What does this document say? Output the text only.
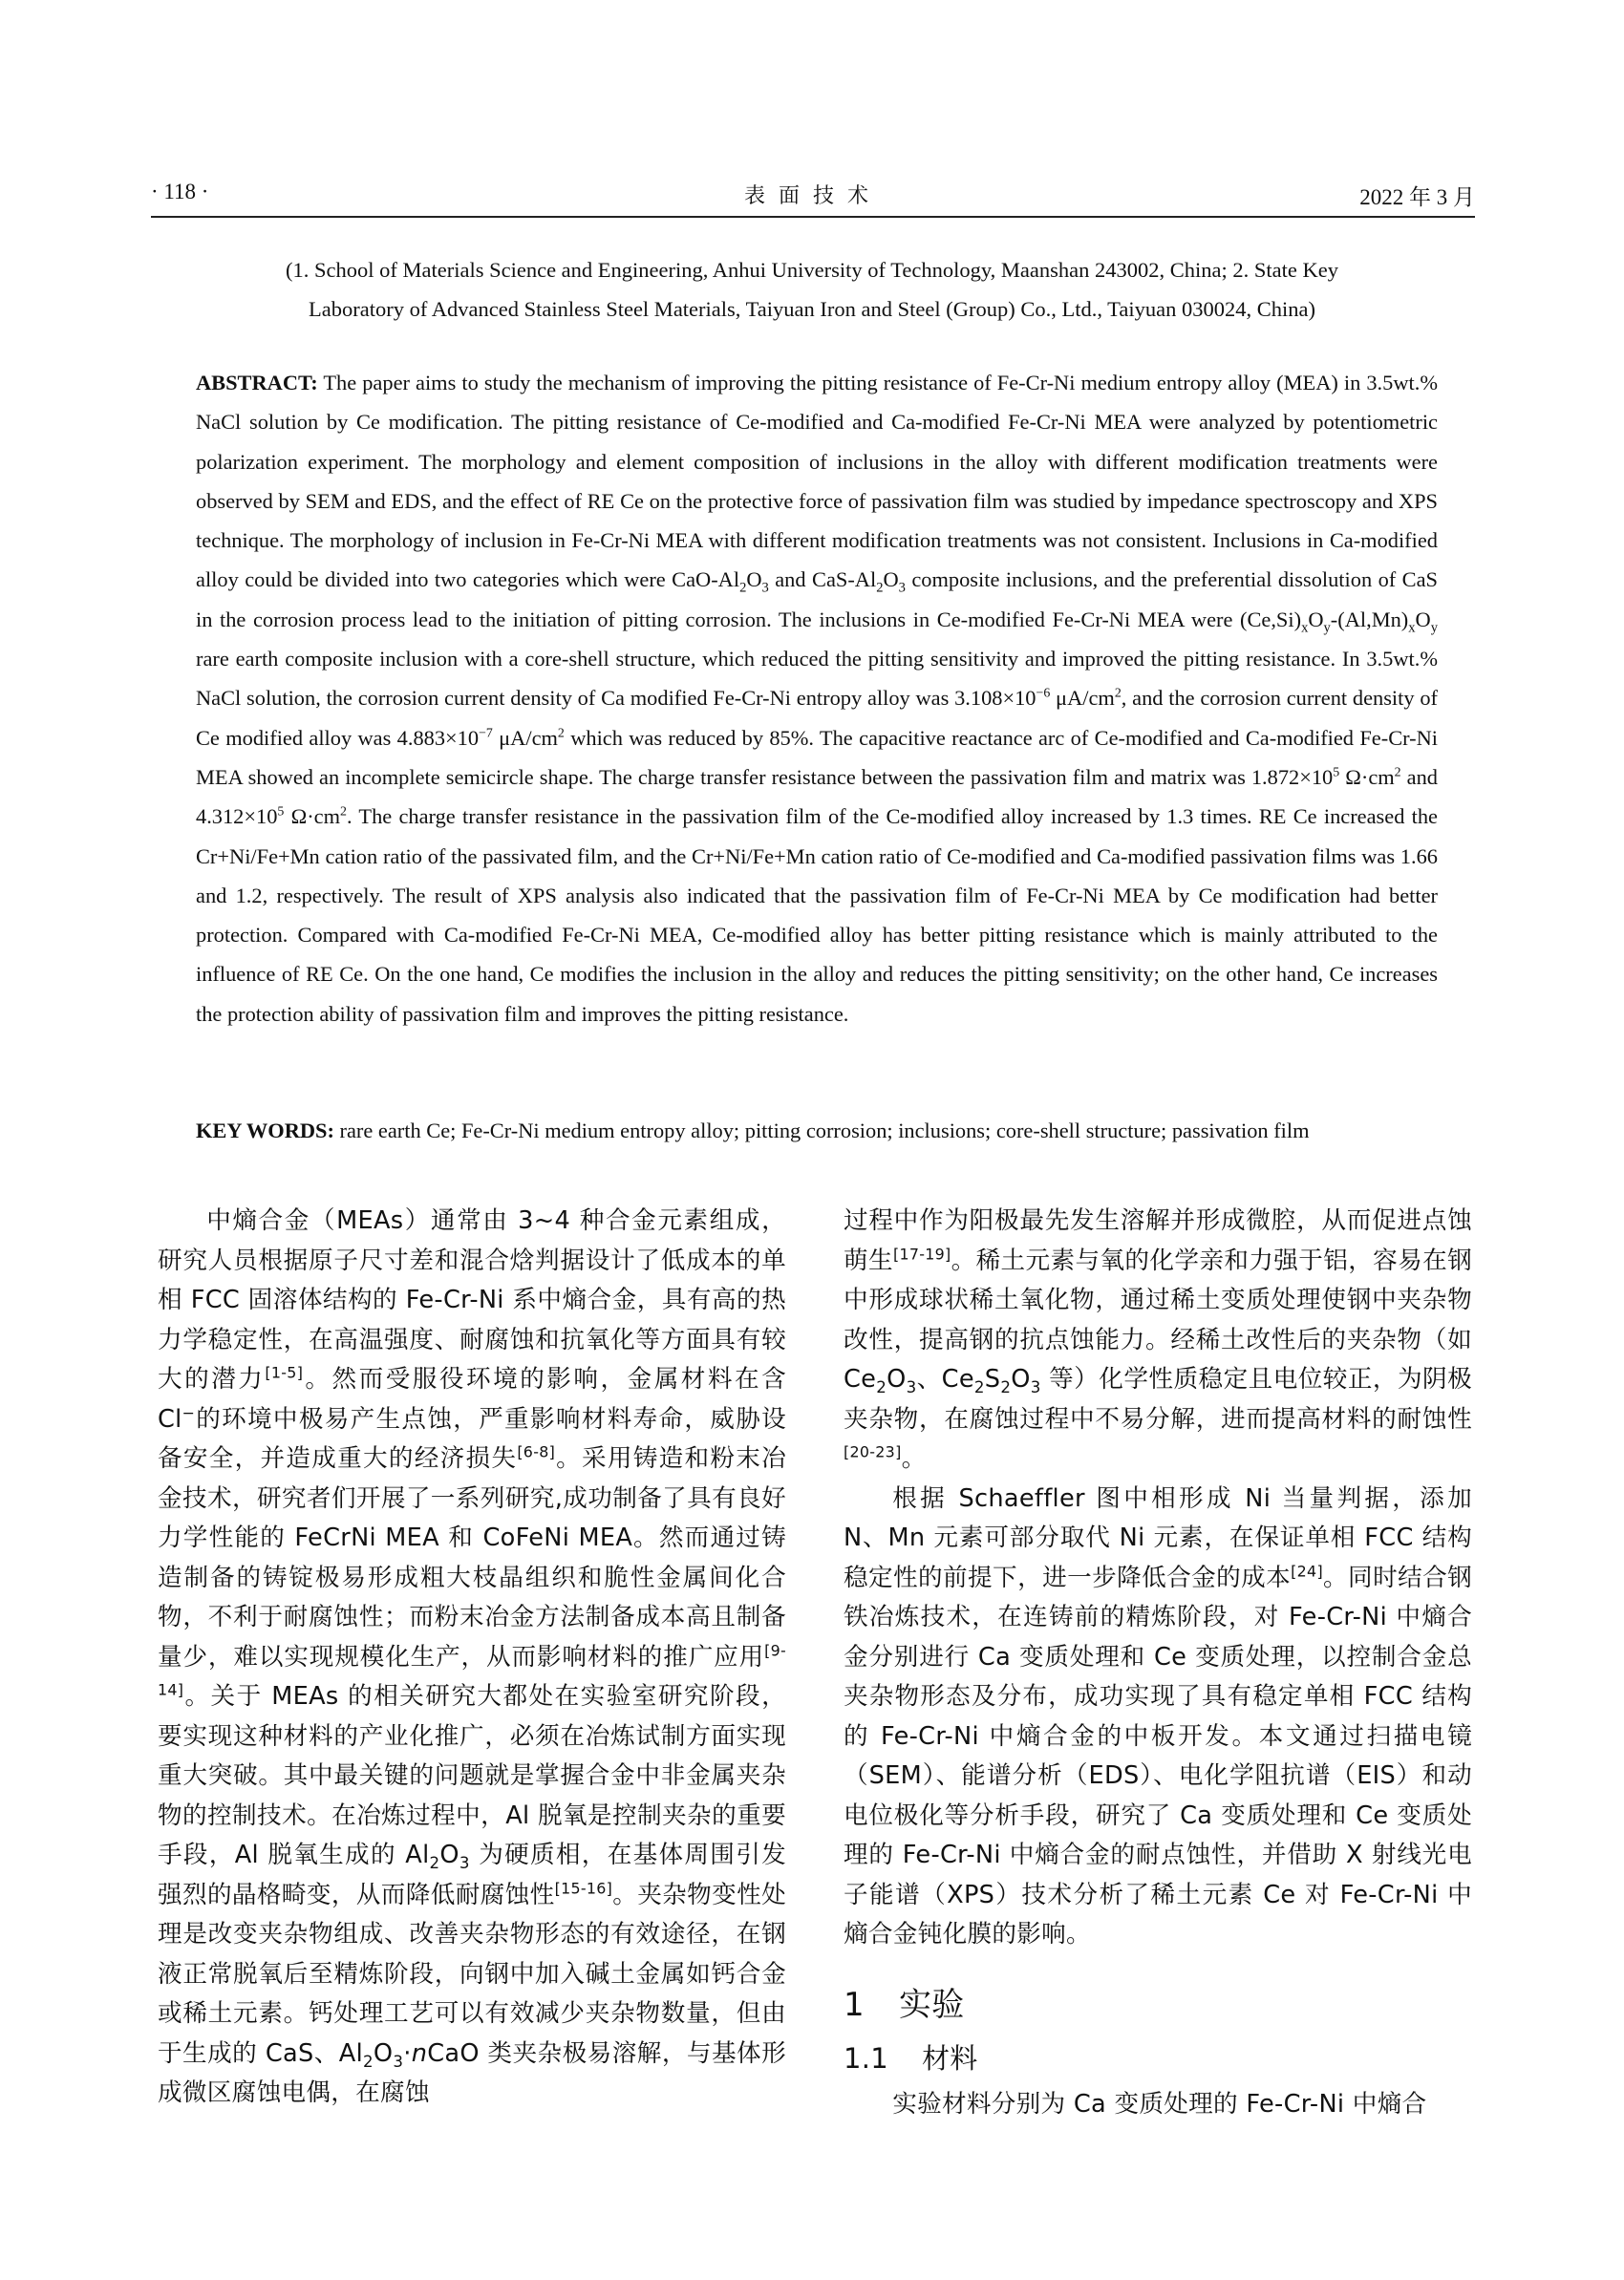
· 118 ·	表面技术	2022 年 3 月
(1. School of Materials Science and Engineering, Anhui University of Technology, Maanshan 243002, China; 2. State Key
Laboratory of Advanced Stainless Steel Materials, Taiyuan Iron and Steel (Group) Co., Ltd., Taiyuan 030024, China)
ABSTRACT: The paper aims to study the mechanism of improving the pitting resistance of Fe-Cr-Ni medium entropy alloy (MEA) in 3.5wt.% NaCl solution by Ce modification. The pitting resistance of Ce-modified and Ca-modified Fe-Cr-Ni MEA were analyzed by potentiometric polarization experiment. The morphology and element composition of inclusions in the alloy with different modification treatments were observed by SEM and EDS, and the effect of RE Ce on the protective force of passivation film was studied by impedance spectroscopy and XPS technique. The morphology of inclusion in Fe-Cr-Ni MEA with different modification treatments was not consistent. Inclusions in Ca-modified alloy could be divided into two categories which were CaO-$Al_2O_3$ and CaS-$Al_2O_3$ composite inclusions, and the preferential dissolution of CaS in the corrosion process lead to the initiation of pitting corrosion. The inclusions in Ce-modified Fe-Cr-Ni MEA were $(Ce,Si)_xO_y-(Al,Mn)_xO_y$ rare earth composite inclusion with a core-shell structure, which reduced the pitting sensitivity and improved the pitting resistance. In 3.5wt.% NaCl solution, the corrosion current density of Ca modified Fe-Cr-Ni entropy alloy was $3.108\times 10^{-6}$ $\mu A/cm^2$, and the corrosion current density of Ce modified alloy was $4.883\times 10^{-7}$ $\mu A/cm^2$ which was reduced by 85%. The capacitive reactance arc of Ce-modified and Ca-modified Fe-Cr-Ni MEA showed an incomplete semicircle shape. The charge transfer resistance between the passivation film and matrix was $1.872\times 10^5$ $\Omega\cdot cm^2$ and $4.312\times 10^5$ $\Omega\cdot cm^2$. The charge transfer resistance in the passivation film of the Ce-modified alloy increased by 1.3 times. RE Ce increased the Cr+Ni/Fe+Mn cation ratio of the passivated film, and the Cr+Ni/Fe+Mn cation ratio of Ce-modified and Ca-modified passivation films was 1.66 and 1.2, respectively. The result of XPS analysis also indicated that the passivation film of Fe-Cr-Ni MEA by Ce modification had better protection. Compared with Ca-modified Fe-Cr-Ni MEA, Ce-modified alloy has better pitting resistance which is mainly attributed to the influence of RE Ce. On the one hand, Ce modifies the inclusion in the alloy and reduces the pitting sensitivity; on the other hand, Ce increases the protection ability of passivation film and improves the pitting resistance.
KEY WORDS: rare earth Ce; Fe-Cr-Ni medium entropy alloy; pitting corrosion; inclusions; core-shell structure; passivation film

中熵合金（MEAs）通常由 3~4 种合金元素组成，研究人员根据原子尺寸差和混合焓判据设计了低成本的单相 FCC 固溶体结构的 Fe-Cr-Ni 系中熵合金，具有高的热力学稳定性，在高温强度、耐腐蚀和抗氧化等方面具有较大的潜力[1-5]。然而受服役环境的影响，金属材料在含 Cl−的环境中极易产生点蚀，严重影响材料寿命，威胁设备安全，并造成重大的经济损失[6-8]。采用铸造和粉末冶金技术，研究者们开展了一系列研究,成功制备了具有良好力学性能的 FeCrNi MEA 和 CoFeNi MEA。然而通过铸造制备的铸锭极易形成粗大枝晶组织和脆性金属间化合物，不利于耐腐蚀性；而粉末冶金方法制备成本高且制备量少，难以实现规模化生产，从而影响材料的推广应用[9-14]。关于 MEAs 的相关研究大都处在实验室研究阶段，要实现这种材料的产业化推广，必须在冶炼试制方面实现重大突破。其中最关键的问题就是掌握合金中非金属夹杂物的控制技术。在冶炼过程中，Al 脱氧是控制夹杂的重要手段，Al 脱氧生成的 $Al_2O_3$ 为硬质相，在基体周围引发强烈的晶格畸变，从而降低耐腐蚀性[15-16]。夹杂物变性处理是改变夹杂物组成、改善夹杂物形态的有效途径，在钢液正常脱氧后至精炼阶段，向钢中加入碱土金属如钙合金或稀土元素。钙处理工艺可以有效减少夹杂物数量，但由于生成的 CaS、$Al_2O_3\cdot nCaO$ 类夹杂极易溶解，与基体形成微区腐蚀电偶，在腐蚀

过程中作为阳极最先发生溶解并形成微腔，从而促进点蚀萌生[17-19]。稀土元素与氧的化学亲和力强于铝，容易在钢中形成球状稀土氧化物，通过稀土变质处理使钢中夹杂物改性，提高钢的抗点蚀能力。经稀土改性后的夹杂物（如 $Ce_2O_3$、$Ce_2S_2O_3$ 等）化学性质稳定且电位较正，为阴极夹杂物，在腐蚀过程中不易分解，进而提高材料的耐蚀性[20-23]。

根据 Schaeffler 图中相形成 Ni 当量判据，添加 N、Mn 元素可部分取代 Ni 元素，在保证单相 FCC 结构稳定性的前提下，进一步降低合金的成本[24]。同时结合钢铁冶炼技术，在连铸前的精炼阶段，对 Fe-Cr-Ni 中熵合金分别进行 Ca 变质处理和 Ce 变质处理，以控制合金总夹杂物形态及分布，成功实现了具有稳定单相 FCC 结构的 Fe-Cr-Ni 中熵合金的中板开发。本文通过扫描电镜（SEM）、能谱分析（EDS）、电化学阻抗谱（EIS）和动电位极化等分析手段，研究了 Ca 变质处理和 Ce 变质处理的 Fe-Cr-Ni 中熵合金的耐点蚀性，并借助 X 射线光电子能谱（XPS）技术分析了稀土元素 Ce 对 Fe-Cr-Ni 中熵合金钝化膜的影响。

1 实验
1.1 材料

实验材料分别为 Ca 变质处理的 Fe-Cr-Ni 中熵合
